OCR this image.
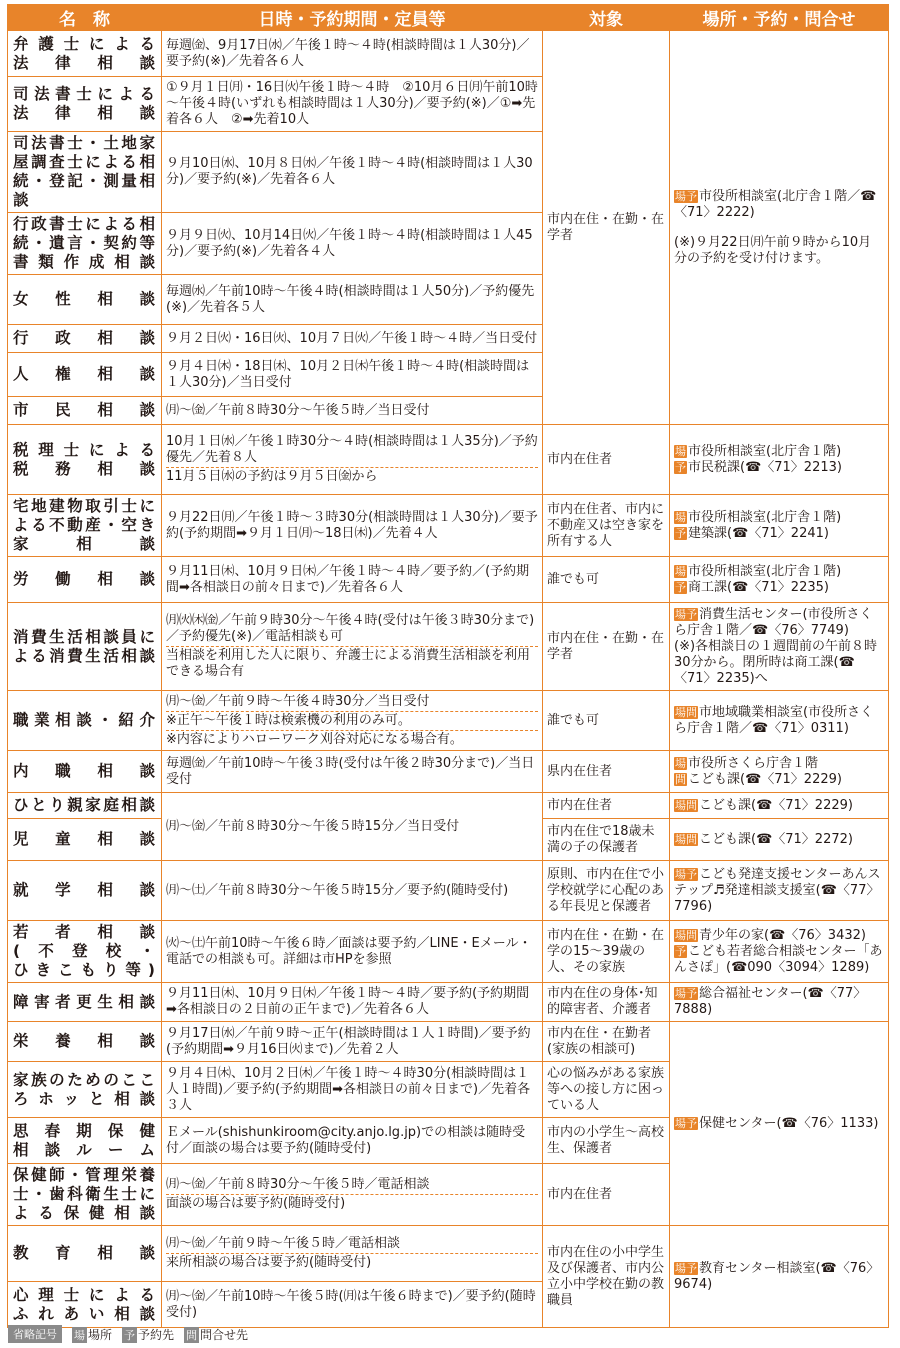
名　称	日時・予約期間・定員等	対象	場所・予約・問合せ

弁護士による
法律相談	毎週㈮、9月17日㈬／午後１時～４時(相談時間は１人30分)／要予約(※)／先着各６人	市内在住・在勤・在学者	場予 市役所相談室(北庁舎１階／☎〈71〉2222)
(※)９月22日㈪午前９時から10月分の予約を受け付けます。

司法書士による
法律相談	①９月１日㈪・16日㈫午後１時～４時　②10月６日㈪午前10時～午後４時(いずれも相談時間は１人30分)／要予約(※)／①➡先着各６人　②➡先着10人		

司法書士・土地家屋調査士による相続・登記・測量相談	９月10日㈬、10月８日㈬／午後１時～４時(相談時間は１人30分)／要予約(※)／先着各６人		

行政書士による相続・遺言・契約等書類作成相談	９月９日㈫、10月14日㈫／午後１時～４時(相談時間は１人45分)／要予約(※)／先着各４人		

女性相談	毎週㈬／午前10時～午後４時(相談時間は１人50分)／予約優先(※)／先着各５人		

行政相談	９月２日㈫・16日㈫、10月７日㈫／午後１時～４時／当日受付		

人権相談	９月４日㈭・18日㈭、10月２日㈭午後１時～４時(相談時間は１人30分)／当日受付		

市民相談	㈪～㈮／午前８時30分～午後５時／当日受付		

税理士による
税務相談	10月１日㈬／午後１時30分～４時(相談時間は１人35分)／予約優先／先着８人
11月５日㈬の予約は９月５日㈮から	市内在住者	場 市役所相談室(北庁舎１階)
予 市民税課(☎〈71〉2213)

宅地建物取引士による不動産・空き家相談	９月22日㈪／午後１時～３時30分(相談時間は１人30分)／要予約(予約期間➡９月１日㈪～18日㈭)／先着４人	市内在住者、市内に不動産又は空き家を所有する人	場 市役所相談室(北庁舎１階)
予 建築課(☎〈71〉2241)

労働相談	９月11日㈭、10月９日㈭／午後１時～４時／要予約／(予約期間➡各相談日の前々日まで)／先着各６人	誰でも可	場 市役所相談室(北庁舎１階)
予 商工課(☎〈71〉2235)

消費生活相談員による消費生活相談	㈪㈫㈭㈮／午前９時30分～午後４時(受付は午後３時30分まで)／予約優先(※)／電話相談も可
当相談を利用した人に限り、弁護士による消費生活相談を利用できる場合有	市内在住・在勤・在学者	場予 消費生活センター(市役所さくら庁舎１階／☎〈76〉7749)
(※)各相談日の１週間前の午前８時30分から。閉所時は商工課(☎〈71〉2235)へ

職業相談・紹介	㈪～㈮／午前９時～午後４時30分／当日受付
※正午～午後１時は検索機の利用のみ可。
※内容によりハローワーク刈谷対応になる場合有。	誰でも可	場問 市地域職業相談室(市役所さくら庁舎１階／☎〈71〉0311)

内職相談	毎週㈮／午前10時～午後３時(受付は午後２時30分まで)／当日受付	県内在住者	場 市役所さくら庁舎１階
問 こども課(☎〈71〉2229)

ひとり親家庭相談	㈪～㈮／午前８時30分～午後５時15分／当日受付	市内在住者	場問 こども課(☎〈71〉2229)

児童相談		市内在住で18歳未満の子の保護者	場問 こども課(☎〈71〉2272)

就学相談	㈪～㈯／午前８時30分～午後５時15分／要予約(随時受付)	原則、市内在住で小学校就学に心配のある年長児と保護者	場予 こども発達支援センターあんステップ♬発達相談支援室(☎〈77〉7796)

若者相談
(不登校・
ひきこもり等)	㈫～㈯午前10時～午後６時／面談は要予約／LINE・Eメール・電話での相談も可。詳細は市HPを参照	市内在住・在勤・在学の15～39歳の人、その家族	場問 青少年の家(☎〈76〉3432)
予 こども若者総合相談センター「あんさぽ」(☎090〈3094〉1289)

障害者更生相談	９月11日㈭、10月９日㈭／午後１時～４時／要予約(予約期間➡各相談日の２日前の正午まで)／先着各６人	市内在住の身体･知的障害者、介護者	場予 総合福祉センター(☎〈77〉7888)

栄養相談	９月17日㈬／午前９時～正午(相談時間は１人１時間)／要予約(予約期間➡９月16日㈫まで)／先着２人	市内在住・在勤者(家族の相談可)	場予 保健センター(☎〈76〉1133)

家族のためのこころホッと相談	９月４日㈭、10月２日㈭／午後１時～４時30分(相談時間は１人１時間)／要予約(予約期間➡各相談日の前々日まで)／先着各３人	心の悩みがある家族等への接し方に困っている人	

思春期保健
相談ルーム	Ｅメール(shishunkiroom@city.anjo.lg.jp)での相談は随時受付／面談の場合は要予約(随時受付)	市内の小学生～高校生、保護者	

保健師・管理栄養士・歯科衛生士による保健相談	㈪～㈮／午前８時30分～午後５時／電話相談
面談の場合は要予約(随時受付)	市内在住者	

教育相談	㈪～㈮／午前９時～午後５時／電話相談
来所相談の場合は要予約(随時受付)	市内在住の小中学生及び保護者、市内公立小中学校在勤の教職員	場予 教育センター相談室(☎〈76〉9674)

心理士による
ふれあい相談	㈪～㈮／午前10時～午後５時(㈪は午後６時まで)／要予約(随時受付)		
省略記号	場 場所 予 予約先 問 問合せ先
